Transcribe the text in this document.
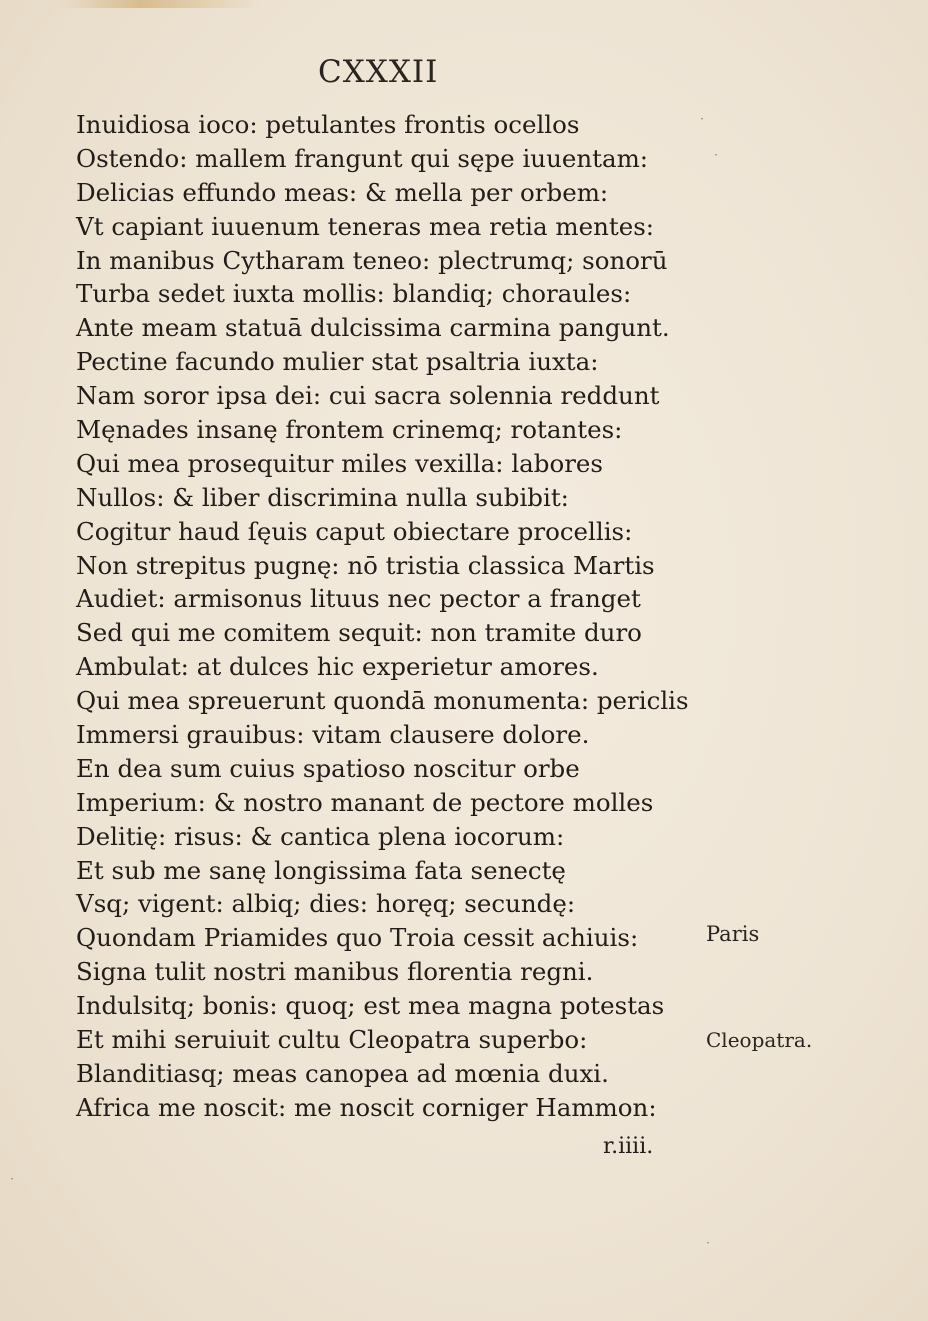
CXXXII
Inuidiosa ioco: petulantes frontis ocellos
Ostendo: mallem frangunt qui sępe iuuentam:
Delicias effundo meas: & mella per orbem:
Vt capiant iuuenum teneras mea retia mentes:
In manibus Cytharam teneo: plectrumq; sonorū
Turba sedet iuxta mollis: blandiq; choraules:
Ante meam statuā dulcissima carmina pangunt.
Pectine facundo mulier stat psaltria iuxta:
Nam soror ipsa dei: cui sacra solennia reddunt
Męnades insanę frontem crinemq; rotantes:
Qui mea prosequitur miles vexilla: labores
Nullos: & liber discrimina nulla subibit:
Cogitur haud ſęuis caput obiectare procellis:
Non strepitus pugnę: nō tristia classica Martis
Audiet: armisonus lituus nec pector a franget
Sed qui me comitem sequit: non tramite duro
Ambulat: at dulces hic experietur amores.
Qui mea spreuerunt quondā monumenta: periclis
Immersi grauibus: vitam clausere dolore.
En dea sum cuius spatioso noscitur orbe
Imperium: & nostro manant de pectore molles
Delitię: risus: & cantica plena iocorum:
Et sub me sanę longissima fata senectę
Vsq; vigent: albiq; dies: horęq; secundę:
Quondam Priamides quo Troia cessit achiuis:
Signa tulit nostri manibus florentia regni.
Indulsitq; bonis: quoq; est mea magna potestas
Et mihi seruiuit cultu Cleopatra superbo:
Blanditiasq; meas canopea ad mœnia duxi.
Africa me noscit: me noscit corniger Hammon:
r.iiii.
Paris
Cleopatra.
·
·
·
·
